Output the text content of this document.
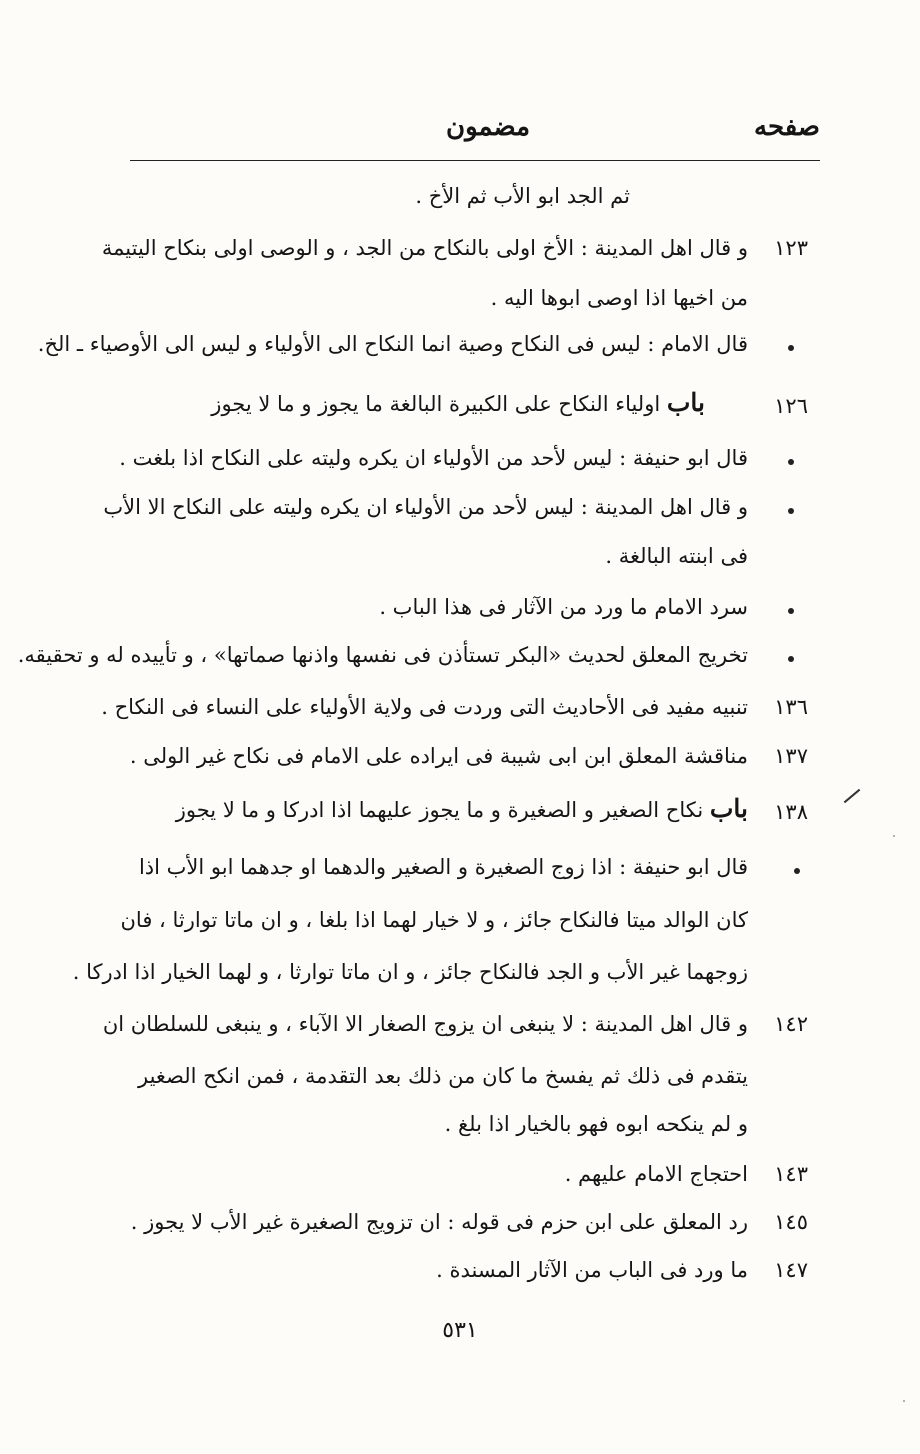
صفحه
مضمون
ثم الجد ابو الأب ثم الأخ .
١٢٣
و قال اهل المدينة : الأخ اولى بالنكاح من الجد ، و الوصى اولى بنكاح اليتيمة
من اخيها اذا اوصى ابوها اليه .
قال الامام : ليس فى النكاح وصية انما النكاح الى الأولياء و ليس الى الأوصياء ـ الخ.
١٢٦
باب اولياء النكاح على الكبيرة البالغة ما يجوز و ما لا يجوز
قال ابو حنيفة : ليس لأحد من الأولياء ان يكره وليته على النكاح اذا بلغت .
و قال اهل المدينة : ليس لأحد من الأولياء ان يكره وليته على النكاح الا الأب
فى ابنته البالغة .
سرد الامام ما ورد من الآثار فى هذا الباب .
تخريج المعلق لحديث «البكر تستأذن فى نفسها واذنها صماتها» ، و تأييده له و تحقيقه.
١٣٦
تنبيه مفيد فى الأحاديث التى وردت فى ولاية الأولياء على النساء فى النكاح .
١٣٧
مناقشة المعلق ابن ابى شيبة فى ايراده على الامام فى نكاح غير الولى .
١٣٨
باب نكاح الصغير و الصغيرة و ما يجوز عليهما اذا ادركا و ما لا يجوز
قال ابو حنيفة : اذا زوج الصغيرة و الصغير والدهما او جدهما ابو الأب اذا
كان الوالد ميتا فالنكاح جائز ، و لا خيار لهما اذا بلغا ، و ان ماتا توارثا ، فان
زوجهما غير الأب و الجد فالنكاح جائز ، و ان ماتا توارثا ، و لهما الخيار اذا ادركا .
١٤٢
و قال اهل المدينة : لا ينبغى ان يزوج الصغار الا الآباء ، و ينبغى للسلطان ان
يتقدم فى ذلك ثم يفسخ ما كان من ذلك بعد التقدمة ، فمن انكح الصغير
و لم ينكحه ابوه فهو بالخيار اذا بلغ .
١٤٣
احتجاج الامام عليهم .
١٤٥
رد المعلق على ابن حزم فى قوله : ان تزويج الصغيرة غير الأب لا يجوز .
١٤٧
ما ورد فى الباب من الآثار المسندة .
٥٣١
